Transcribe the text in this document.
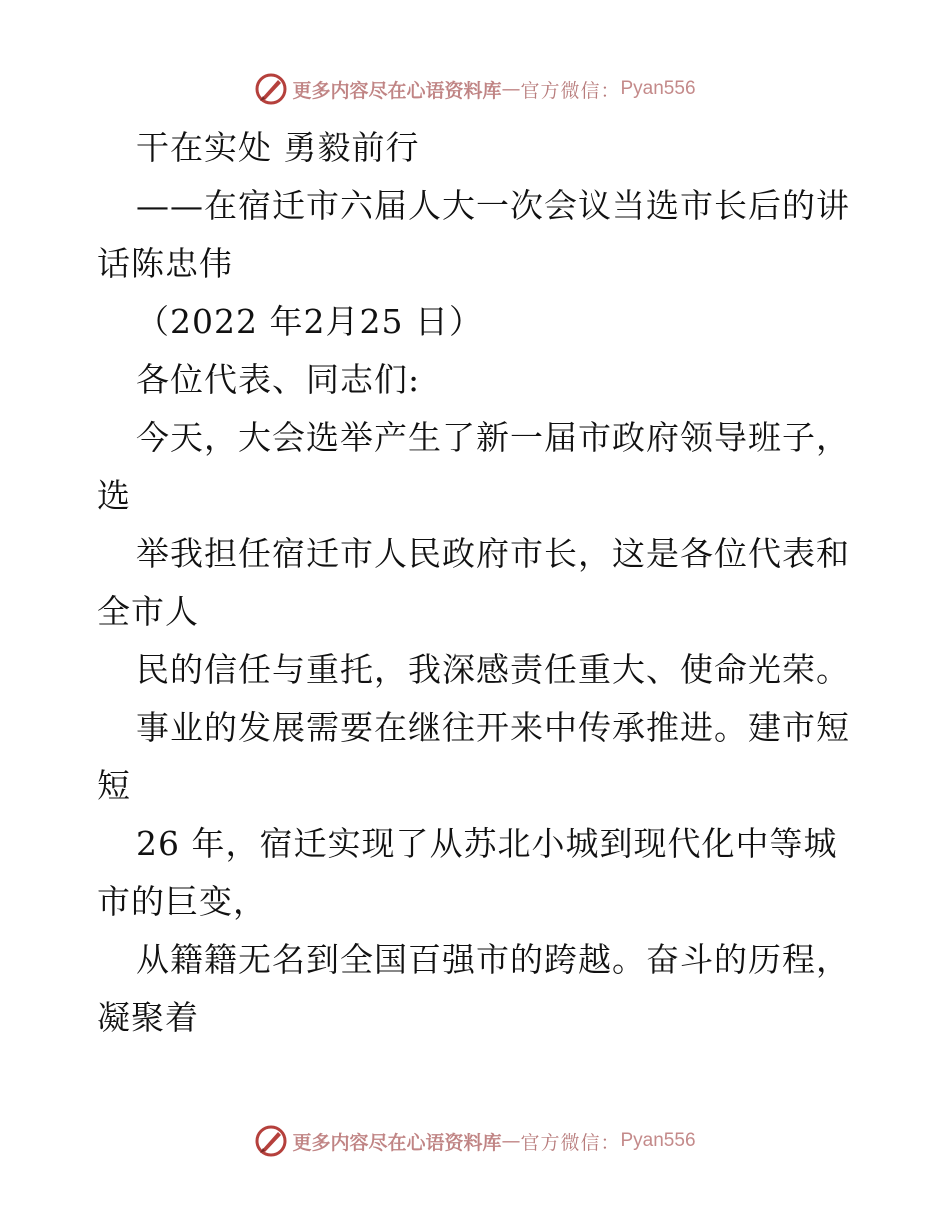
更多内容尽在心语资料库 — 官方微信： Pyan556
干在实处 勇毅前行
——在宿迁市六届人大一次会议当选市长后的讲
话陈忠伟
（2022 年2月25 日）
各位代表、同志们:
今天，大会选举产生了新一届市政府领导班子，
选
举我担任宿迁市人民政府市长，这是各位代表和
全市人
民的信任与重托，我深感责任重大、使命光荣。
事业的发展需要在继往开来中传承推进。建市短
短
26 年，宿迁实现了从苏北小城到现代化中等城
市的巨变，
从籍籍无名到全国百强市的跨越。奋斗的历程，
凝聚着
更多内容尽在心语资料库 — 官方微信： Pyan556
